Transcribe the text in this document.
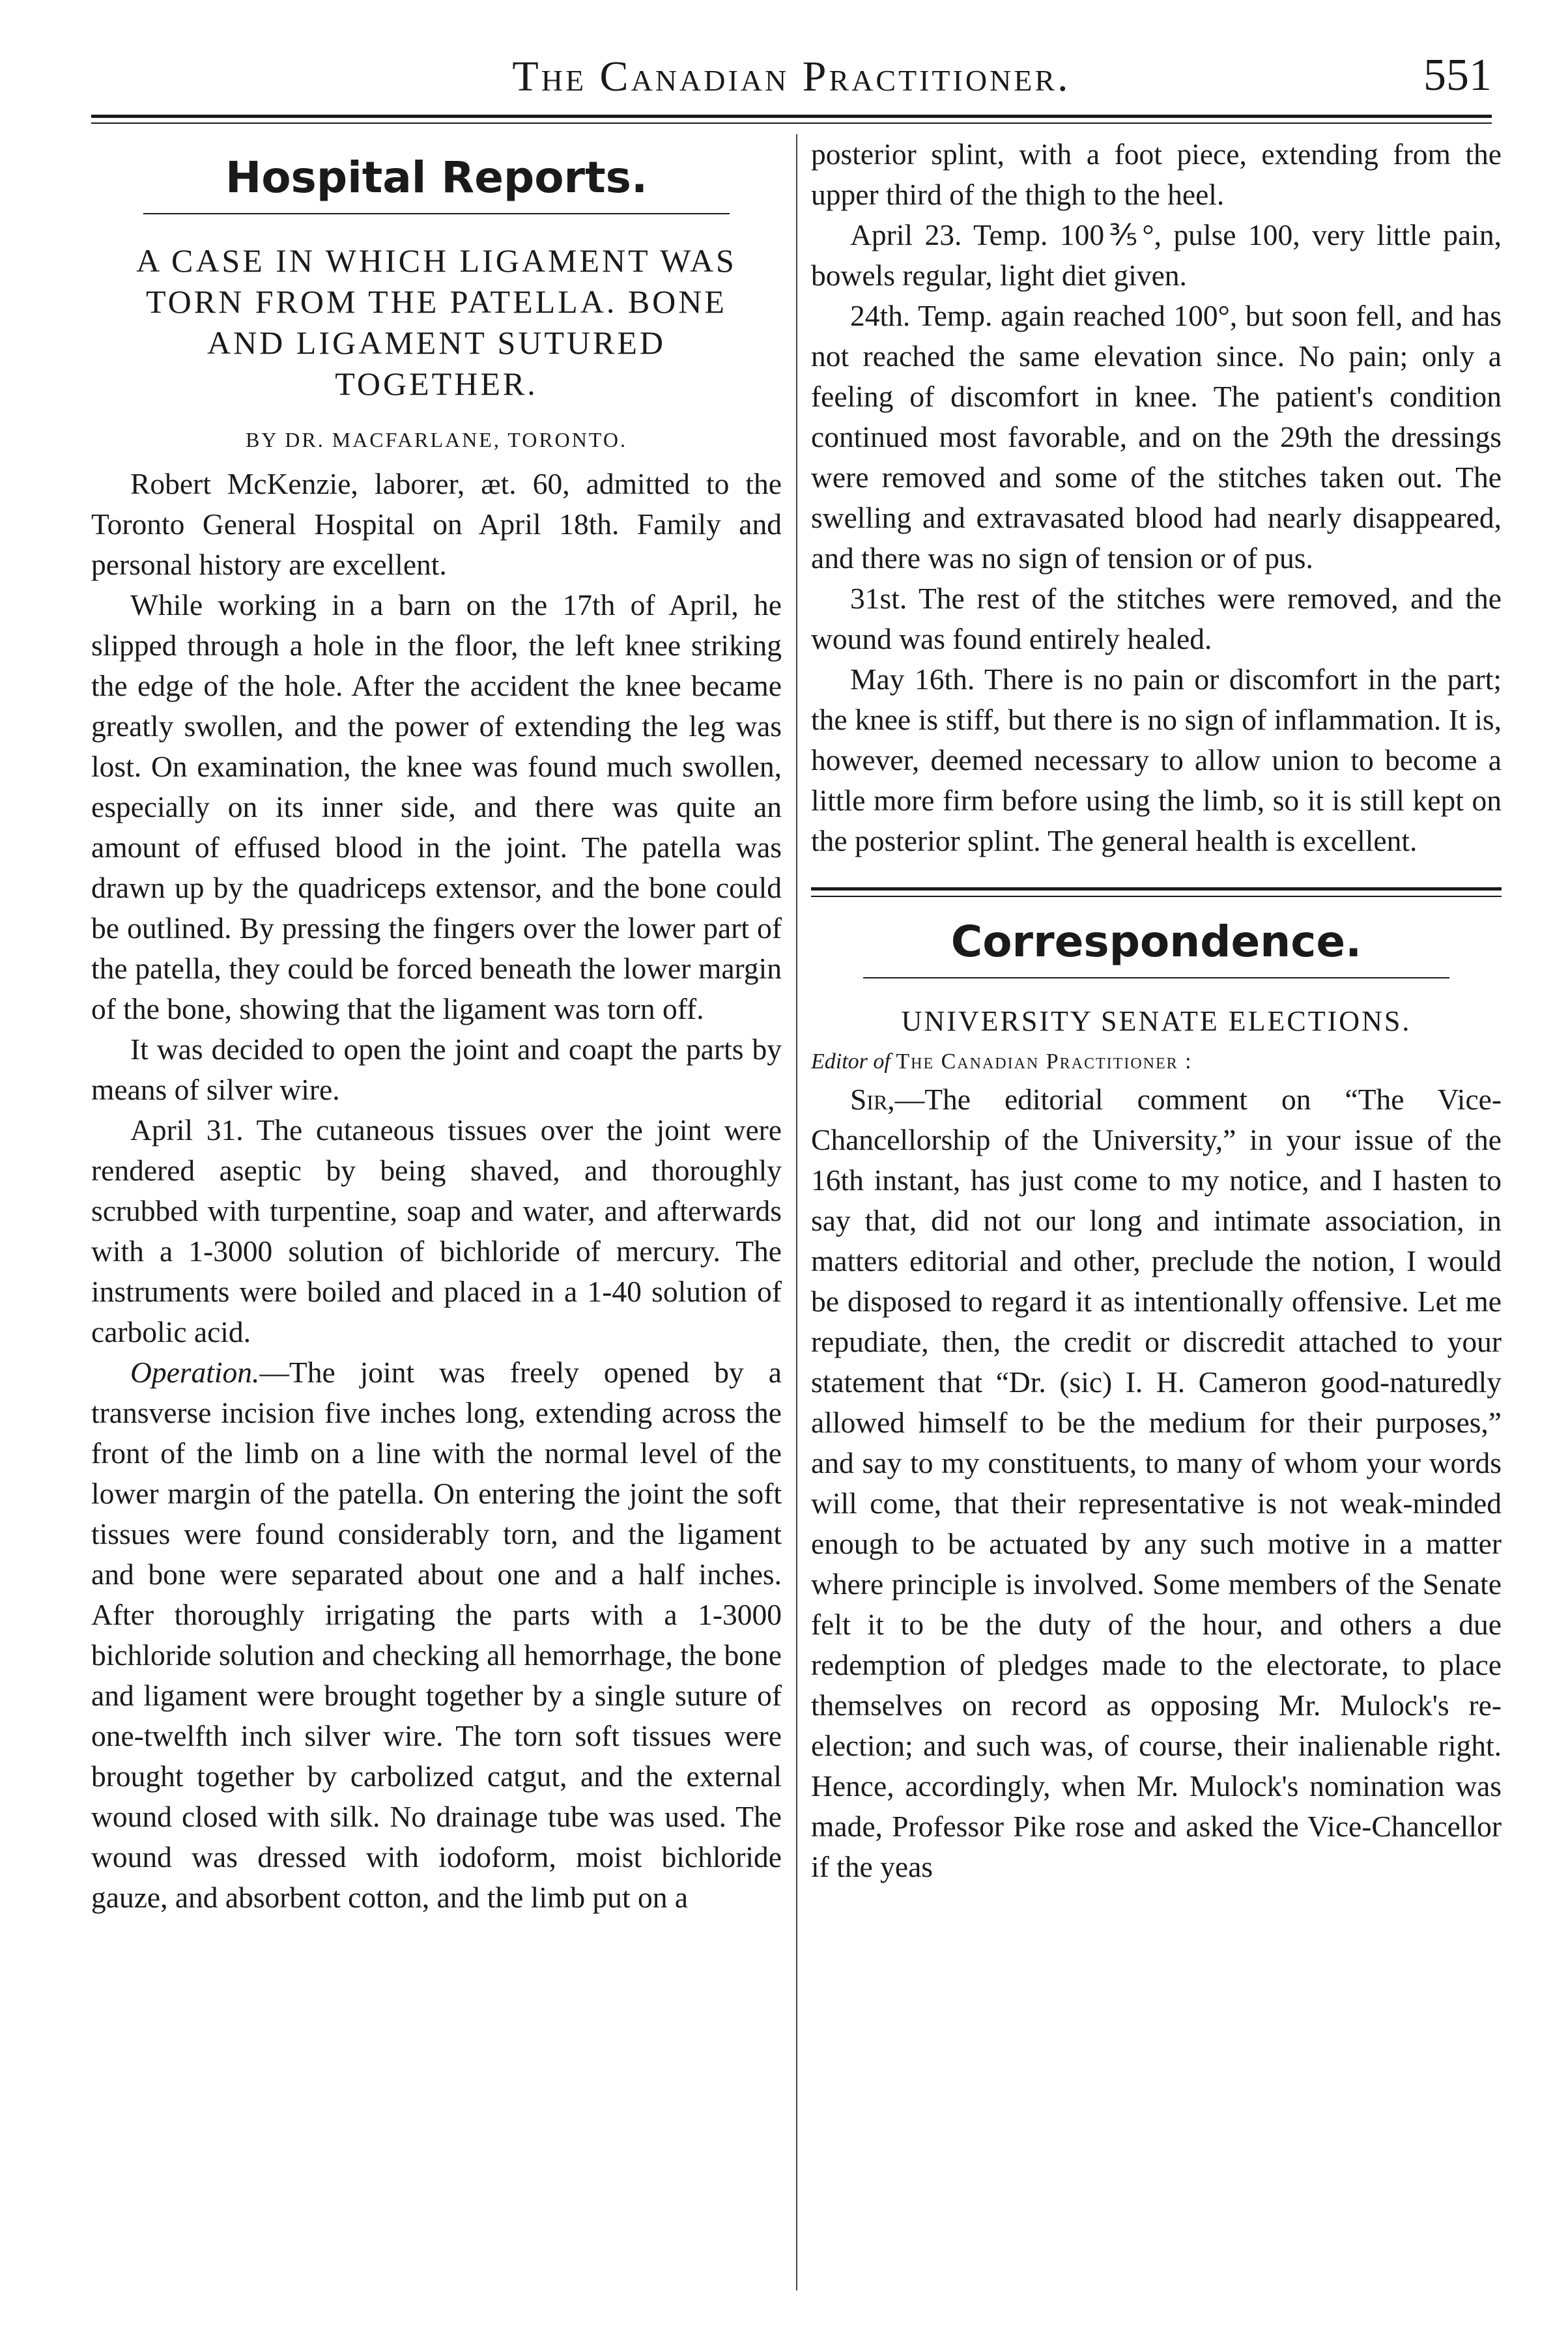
The Canadian Practitioner.	551
Hospital Reports.
A CASE IN WHICH LIGAMENT WAS TORN FROM THE PATELLA. BONE AND LIGAMENT SUTURED TOGETHER.
BY DR. MACFARLANE, TORONTO.

Robert McKenzie, laborer, æt. 60, admitted to the Toronto General Hospital on April 18th. Family and personal history are excellent.

While working in a barn on the 17th of April, he slipped through a hole in the floor, the left knee striking the edge of the hole. After the accident the knee became greatly swollen, and the power of extending the leg was lost. On examination, the knee was found much swollen, especially on its inner side, and there was quite an amount of effused blood in the joint. The patella was drawn up by the quadriceps extensor, and the bone could be outlined. By pressing the fingers over the lower part of the patella, they could be forced beneath the lower margin of the bone, showing that the ligament was torn off.

It was decided to open the joint and coapt the parts by means of silver wire.

April 31. The cutaneous tissues over the joint were rendered aseptic by being shaved, and thoroughly scrubbed with turpentine, soap and water, and afterwards with a 1-3000 solution of bichloride of mercury. The instruments were boiled and placed in a 1-40 solution of carbolic acid.

Operation.—The joint was freely opened by a transverse incision five inches long, extending across the front of the limb on a line with the normal level of the lower margin of the patella. On entering the joint the soft tissues were found considerably torn, and the ligament and bone were separated about one and a half inches. After thoroughly irrigating the parts with a 1-3000 bichloride solution and checking all hemorrhage, the bone and ligament were brought together by a single suture of one-twelfth inch silver wire. The torn soft tissues were brought together by carbolized catgut, and the external wound closed with silk. No drainage tube was used. The wound was dressed with iodoform, moist bichloride gauze, and absorbent cotton, and the limb put on a

posterior splint, with a foot piece, extending from the upper third of the thigh to the heel.

April 23. Temp. 100⅗°, pulse 100, very little pain, bowels regular, light diet given.

24th. Temp. again reached 100°, but soon fell, and has not reached the same elevation since. No pain; only a feeling of discomfort in knee. The patient's condition continued most favorable, and on the 29th the dressings were removed and some of the stitches taken out. The swelling and extravasated blood had nearly disappeared, and there was no sign of tension or of pus.

31st. The rest of the stitches were removed, and the wound was found entirely healed.

May 16th. There is no pain or discomfort in the part; the knee is stiff, but there is no sign of inflammation. It is, however, deemed necessary to allow union to become a little more firm before using the limb, so it is still kept on the posterior splint. The general health is excellent.

Correspondence.
UNIVERSITY SENATE ELECTIONS.
Editor of The Canadian Practitioner :

Sir,—The editorial comment on “The Vice-Chancellorship of the University,” in your issue of the 16th instant, has just come to my notice, and I hasten to say that, did not our long and intimate association, in matters editorial and other, preclude the notion, I would be disposed to regard it as intentionally offensive. Let me repudiate, then, the credit or discredit attached to your statement that “Dr. (sic) I. H. Cameron good-naturedly allowed himself to be the medium for their purposes,” and say to my constituents, to many of whom your words will come, that their representative is not weak-minded enough to be actuated by any such motive in a matter where principle is involved. Some members of the Senate felt it to be the duty of the hour, and others a due redemption of pledges made to the electorate, to place themselves on record as opposing Mr. Mulock's re-election; and such was, of course, their inalienable right. Hence, accordingly, when Mr. Mulock's nomination was made, Professor Pike rose and asked the Vice-Chancellor if the yeas
